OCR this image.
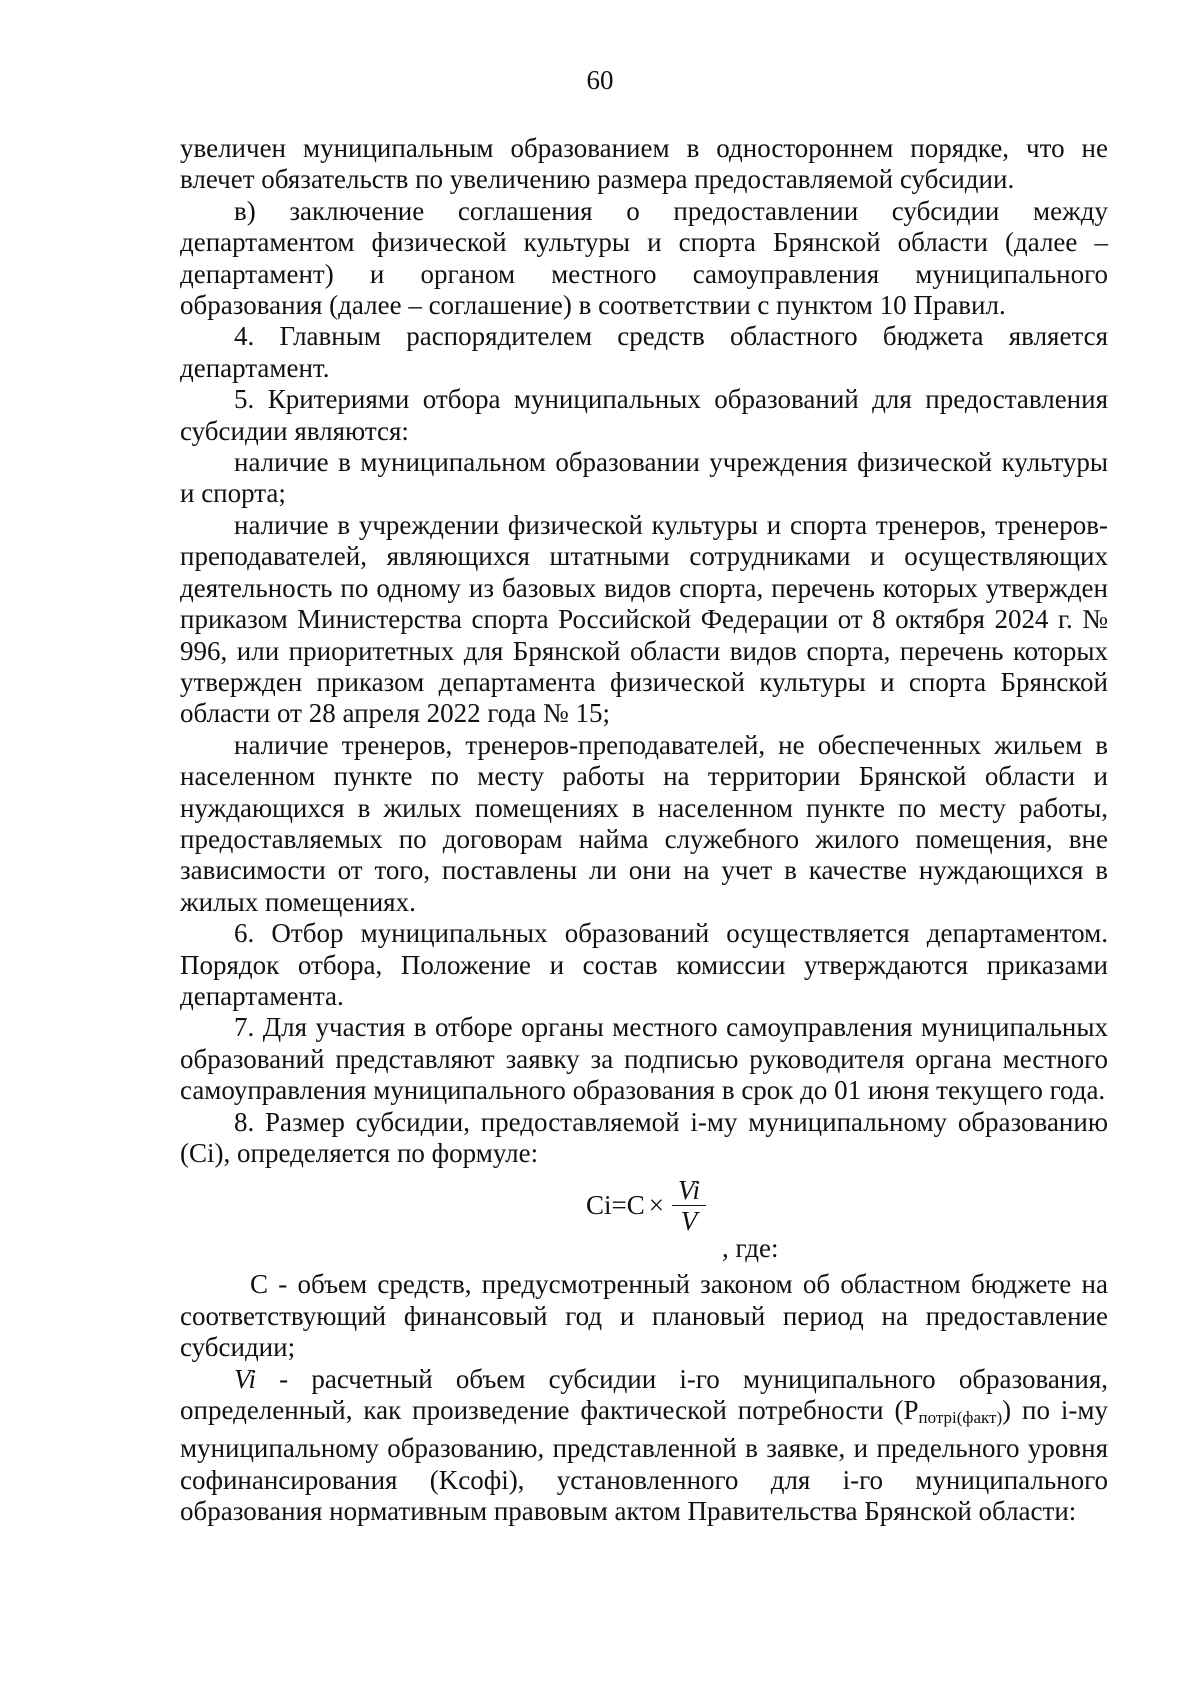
60

увеличен муниципальным образованием в одностороннем порядке, что не влечет обязательств по увеличению размера предоставляемой субсидии.

в) заключение соглашения о предоставлении субсидии между департаментом физической культуры и спорта Брянской области (далее – департамент) и органом местного самоуправления муниципального образования (далее – соглашение) в соответствии с пунктом 10 Правил.

4. Главным распорядителем средств областного бюджета является департамент.

5. Критериями отбора муниципальных образований для предоставления субсидии являются:

наличие в муниципальном образовании учреждения физической культуры и спорта;

наличие в учреждении физической культуры и спорта тренеров, тренеров-преподавателей, являющихся штатными сотрудниками и осуществляющих деятельность по одному из базовых видов спорта, перечень которых утвержден приказом Министерства спорта Российской Федерации от 8 октября 2024 г. № 996, или приоритетных для Брянской области видов спорта, перечень которых утвержден приказом департамента физической культуры и спорта Брянской области от 28 апреля 2022 года № 15;

наличие тренеров, тренеров-преподавателей, не обеспеченных жильем в населенном пункте по месту работы на территории Брянской области и нуждающихся в жилых помещениях в населенном пункте по месту работы, предоставляемых по договорам найма служебного жилого помещения, вне зависимости от того, поставлены ли они на учет в качестве нуждающихся в жилых помещениях.

6. Отбор муниципальных образований осуществляется департаментом. Порядок отбора, Положение и состав комиссии утверждаются приказами департамента.

7. Для участия в отборе органы местного самоуправления муниципальных образований представляют заявку за подписью руководителя органа местного самоуправления муниципального образования в срок до 01 июня текущего года.

8. Размер субсидии, предоставляемой i-му муниципальному образованию (Ci), определяется по формуле:

$Ci=C \times \frac{Vi}{V}$
, где:

С - объем средств, предусмотренный законом об областном бюджете на соответствующий финансовый год и плановый период на предоставление субсидии;

Vi - расчетный объем субсидии i-го муниципального образования, определенный, как произведение фактической потребности $(P_{потрi(факт)})$ по i-му муниципальному образованию, представленной в заявке, и предельного уровня софинансирования (Kсофi), установленного для i-го муниципального образования нормативным правовым актом Правительства Брянской области:
